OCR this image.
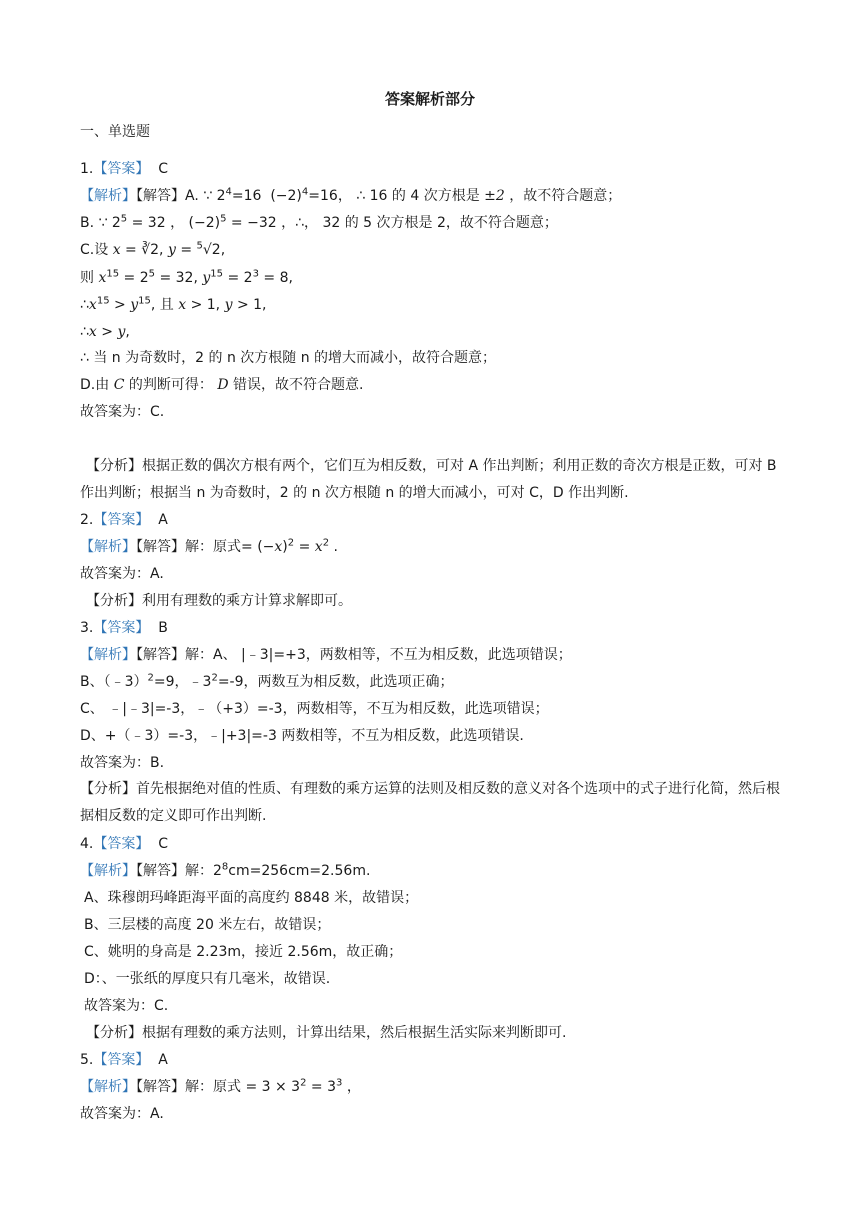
答案解析部分
一、单选题
1.【答案】 C
【解析】【解答】A. ∵ $2^4=16$  $(-2)^4=16$， ∴ 16 的 4 次方根是 ±2 ，故不符合题意；
B. ∵ $2^5 = 32$ ， $(-2)^5 = -32$ ，∴， 32 的 5 次方根是 2，故不符合题意；
C.设 x = ∛2, y = $^5$√2,
则 $x^{15} = 2^5 = 32$, $y^{15} = 2^3 = 8$,
$\therefore x^{15} > y^{15}$, 且 x > 1, y > 1,
∴x > y,
∴ 当 n 为奇数时，2 的 n 次方根随 n 的增大而减小，故符合题意；
D.由 C 的判断可得： D 错误，故不符合题意.
故答案为：C.
【分析】根据正数的偶次方根有两个，它们互为相反数，可对 A 作出判断；利用正数的奇次方根是正数，可对 B 作出判断；根据当 n 为奇数时，2 的 n 次方根随 n 的增大而减小，可对 C，D 作出判断.
2.【答案】 A
【解析】【解答】解：原式= $(-x)^2 = x^2$ .
故答案为：A.
【分析】利用有理数的乘方计算求解即可。
3.【答案】 B
【解析】【解答】解：A、 |﹣3|=+3，两数相等，不互为相反数，此选项错误；
B、（﹣3）$^2$=9，$﹣3^2=-9$，两数互为相反数，此选项正确；
C、 ﹣|﹣3|=-3，﹣（+3）=-3，两数相等，不互为相反数，此选项错误；
D、+（﹣3）=-3，﹣|+3|=-3 两数相等，不互为相反数，此选项错误.
故答案为：B.
【分析】首先根据绝对值的性质、有理数的乘方运算的法则及相反数的意义对各个选项中的式子进行化简，然后根据相反数的定义即可作出判断.
4.【答案】 C
【解析】【解答】解：$2^8cm=256cm=2.56m$.
A、珠穆朗玛峰距海平面的高度约 8848 米，故错误；
B、三层楼的高度 20 米左右，故错误；
C、姚明的身高是 2.23m，接近 2.56m，故正确；
D：、一张纸的厚度只有几毫米，故错误.
故答案为：C.
【分析】根据有理数的乘方法则，计算出结果，然后根据生活实际来判断即可.
5.【答案】 A
【解析】【解答】解：原式 = $3 \times 3^2 = 3^3$ ，
故答案为：A.
